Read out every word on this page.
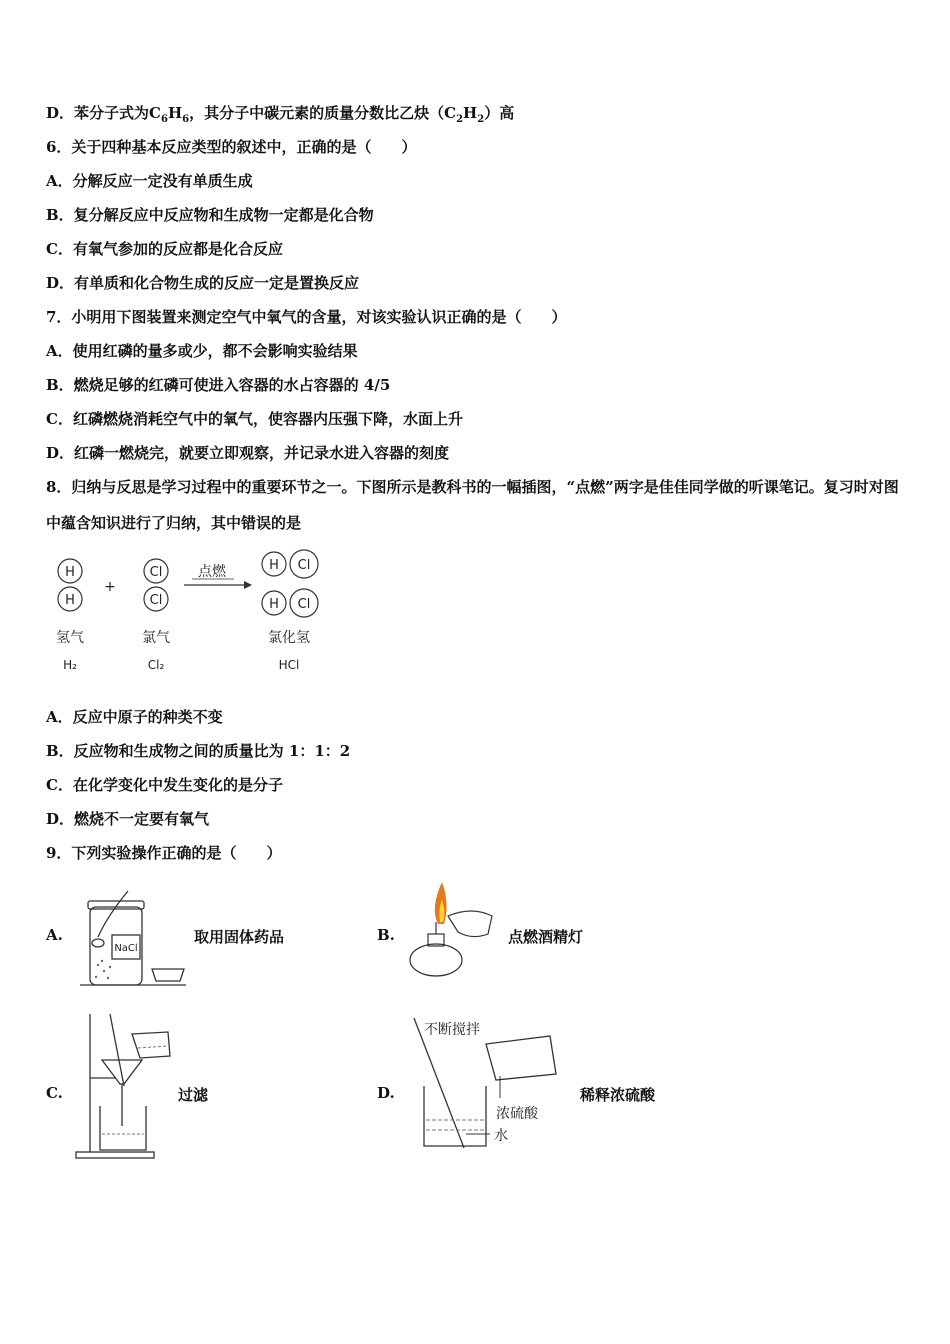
D．苯分子式为$C_6H_6$，其分子中碳元素的质量分数比乙炔$(C_2H_2)$高
6．关于四种基本反应类型的叙述中，正确的是（　　）
A．分解反应一定没有单质生成
B．复分解反应中反应物和生成物一定都是化合物
C．有氧气参加的反应都是化合反应
D．有单质和化合物生成的反应一定是置换反应
7．小明用下图装置来测定空气中氧气的含量，对该实验认识正确的是（　　）
A．使用红磷的量多或少，都不会影响实验结果
B．燃烧足够的红磷可使进入容器的水占容器的 4/5
C．红磷燃烧消耗空气中的氧气，使容器内压强下降，水面上升
D．红磷一燃烧完，就要立即观察，并记录水进入容器的刻度
8．归纳与反思是学习过程中的重要环节之一。下图所示是教科书的一幅插图，“点燃”两字是佳佳同学做的听课笔记。复习时对图中蕴含知识进行了归纳，其中错误的是
H
H
Cl
Cl
H Cl
H Cl
+
点燃
氢气	氯气	氯化氢
H₂	Cl₂	HCl
A．反应中原子的种类不变
B．反应物和生成物之间的质量比为 1：1：2
C．在化学变化中发生变化的是分子
D．燃烧不一定要有氧气
9．下列实验操作正确的是（　　）
A.
NaCl
取用固体药品	B.	点燃酒精灯
C.	过滤	D.
不断搅拌
浓硫酸
水
稀释浓硫酸
